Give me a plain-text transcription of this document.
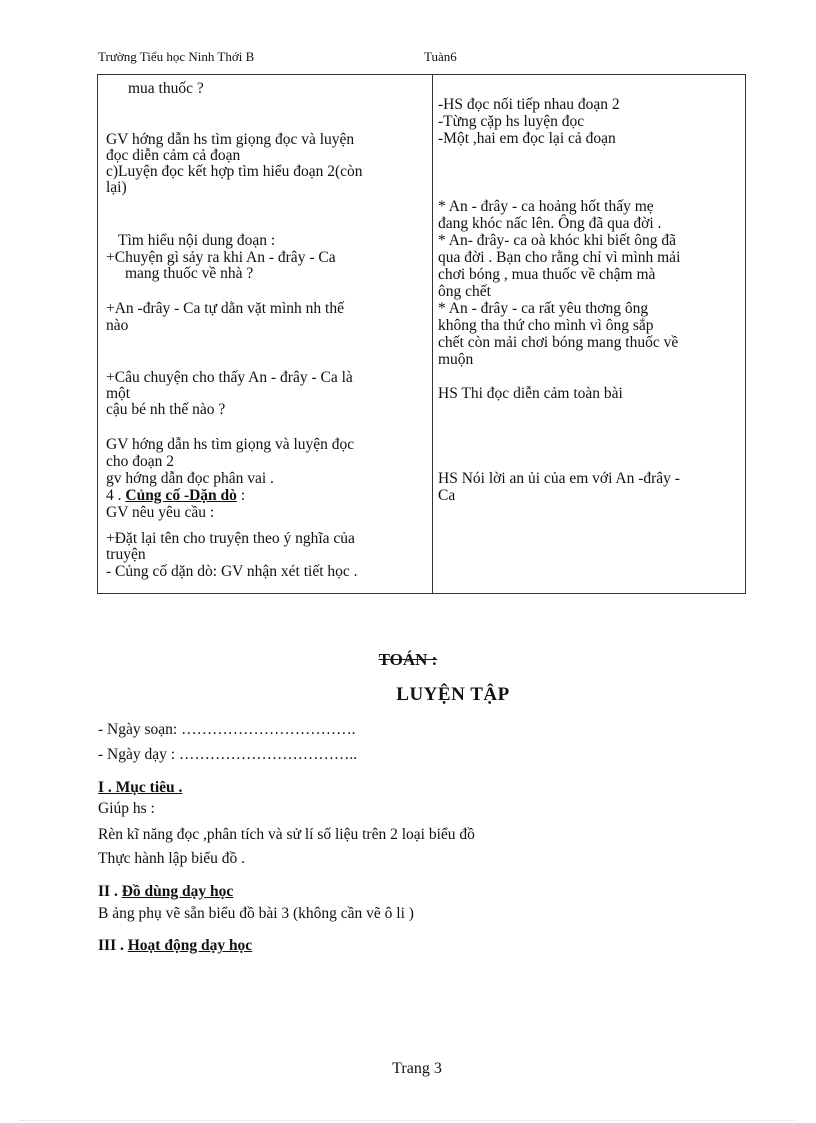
Trường Tiểu học Ninh Thới B	Tuàn6
mua thuốc ?
GV hớng dẫn hs tìm giọng đọc và luyện
đọc diễn cảm cả đoạn
c)Luyện đọc kết hợp tìm hiểu đoạn 2(còn
lại)
Tìm hiểu nội dung đoạn :
+Chuyện gì sảy ra khi An - đrây - Ca
mang thuốc về nhà ?
+An -đrây - Ca tự dằn vặt mình nh thế
nào
+Câu chuyện cho thấy An - đrây - Ca là
một
cậu bé nh thế nào ?
GV hớng dẫn hs tìm giọng và luyện đọc
cho đoạn 2
gv hớng dẫn đọc phân vai .
4 . Củng cố -Dặn dò :
GV nêu yêu cầu :
+Đặt lại tên cho truyện theo ý nghĩa của
truyện
- Củng cố dặn dò: GV nhận xét tiết học .
-HS đọc nối tiếp nhau đoạn 2
-Từng cặp hs luyện đọc
-Một ,hai em đọc lại cả đoạn
* An - đrây - ca hoảng hốt thấy mẹ
đang khóc nấc lên. Ông đã qua đời .
* An- đrây- ca oà khóc khi biết ông đã
qua đời . Bạn cho rằng chỉ vì mình mải
chơi bóng , mua thuốc về chậm mà
ông chết
* An - đrây - ca rất yêu thơng ông
không tha thứ cho mình vì ông sắp
chết còn mải chơi bóng mang thuốc về
muộn
HS Thi đọc diễn cảm toàn bài
HS Nói lời an ủi của em với An -đrây -
Ca
TOÁN :
LUYỆN TẬP
- Ngày soạn: …………………………….
- Ngày dạy : ……………………………..
I . Mục tiêu .
Giúp hs :
Rèn kĩ năng đọc ,phân tích và sử lí số liệu trên 2 loại biểu đồ
Thực hành lập biểu đồ .
II . Đồ dùng dạy học
B ảng phụ vẽ sẵn biểu đồ bài 3 (không cần vẽ ô li )
III . Hoạt động dạy học
Trang 3
